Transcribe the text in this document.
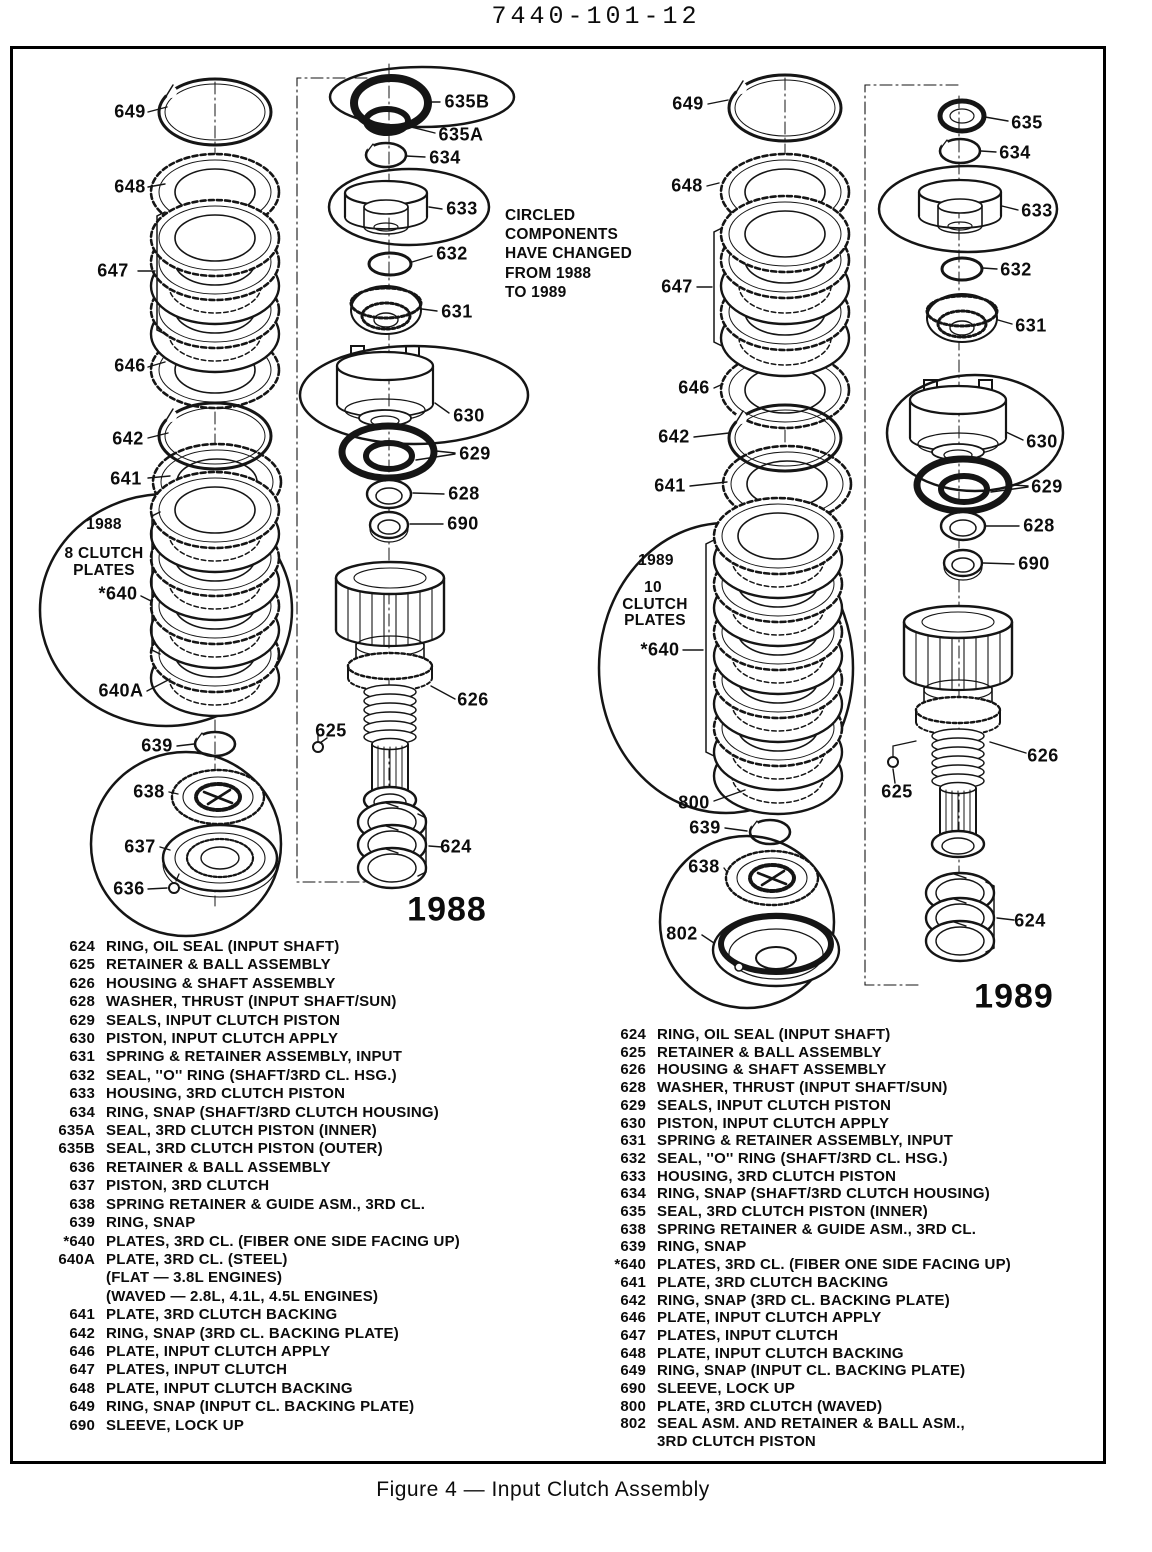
7440-101-12
CIRCLED
COMPONENTS
HAVE CHANGED
FROM 1988
TO 1989
624 RING, OIL SEAL (INPUT SHAFT)
625 RETAINER & BALL ASSEMBLY
626 HOUSING & SHAFT ASSEMBLY
628 WASHER, THRUST (INPUT SHAFT/SUN)
629 SEALS, INPUT CLUTCH PISTON
630 PISTON, INPUT CLUTCH APPLY
631 SPRING & RETAINER ASSEMBLY, INPUT
632 SEAL, ''O'' RING (SHAFT/3RD CL. HSG.)
633 HOUSING, 3RD CLUTCH PISTON
634 RING, SNAP (SHAFT/3RD CLUTCH HOUSING)
635A SEAL, 3RD CLUTCH PISTON (INNER)
635B SEAL, 3RD CLUTCH PISTON (OUTER)
636 RETAINER & BALL ASSEMBLY
637 PISTON, 3RD CLUTCH
638 SPRING RETAINER & GUIDE ASM., 3RD CL.
639 RING, SNAP
*640 PLATES, 3RD CL. (FIBER ONE SIDE FACING UP)
640A PLATE, 3RD CL. (STEEL)
(FLAT — 3.8L ENGINES)
(WAVED — 2.8L, 4.1L, 4.5L ENGINES)
641 PLATE, 3RD CLUTCH BACKING
642 RING, SNAP (3RD CL. BACKING PLATE)
646 PLATE, INPUT CLUTCH APPLY
647 PLATES, INPUT CLUTCH
648 PLATE, INPUT CLUTCH BACKING
649 RING, SNAP (INPUT CL. BACKING PLATE)
690 SLEEVE, LOCK UP
624 RING, OIL SEAL (INPUT SHAFT)
625 RETAINER & BALL ASSEMBLY
626 HOUSING & SHAFT ASSEMBLY
628 WASHER, THRUST (INPUT SHAFT/SUN)
629 SEALS, INPUT CLUTCH PISTON
630 PISTON, INPUT CLUTCH APPLY
631 SPRING & RETAINER ASSEMBLY, INPUT
632 SEAL, ''O'' RING (SHAFT/3RD CL. HSG.)
633 HOUSING, 3RD CLUTCH PISTON
634 RING, SNAP (SHAFT/3RD CLUTCH HOUSING)
635 SEAL, 3RD CLUTCH PISTON (INNER)
638 SPRING RETAINER & GUIDE ASM., 3RD CL.
639 RING, SNAP
*640 PLATES, 3RD CL. (FIBER ONE SIDE FACING UP)
641 PLATE, 3RD CLUTCH BACKING
642 RING, SNAP (3RD CL. BACKING PLATE)
646 PLATE, INPUT CLUTCH APPLY
647 PLATES, INPUT CLUTCH
648 PLATE, INPUT CLUTCH BACKING
649 RING, SNAP (INPUT CL. BACKING PLATE)
690 SLEEVE, LOCK UP
800 PLATE, 3RD CLUTCH (WAVED)
802 SEAL ASM. AND RETAINER & BALL ASM.,
3RD CLUTCH PISTON
Figure 4 — Input Clutch Assembly
649
648
647
646
642
641
1988
8 CLUTCH
PLATES
*640
640A
639
638
637
636
625
626
624
1988
635B
635A
634
633
632
631
630
629
628
690
649
648
647
646
642
641
1989
10
CLUTCH
PLATES
*640
800
639
638
802
625
626
624
1989
635
634
633
632
631
630
629
628
690
